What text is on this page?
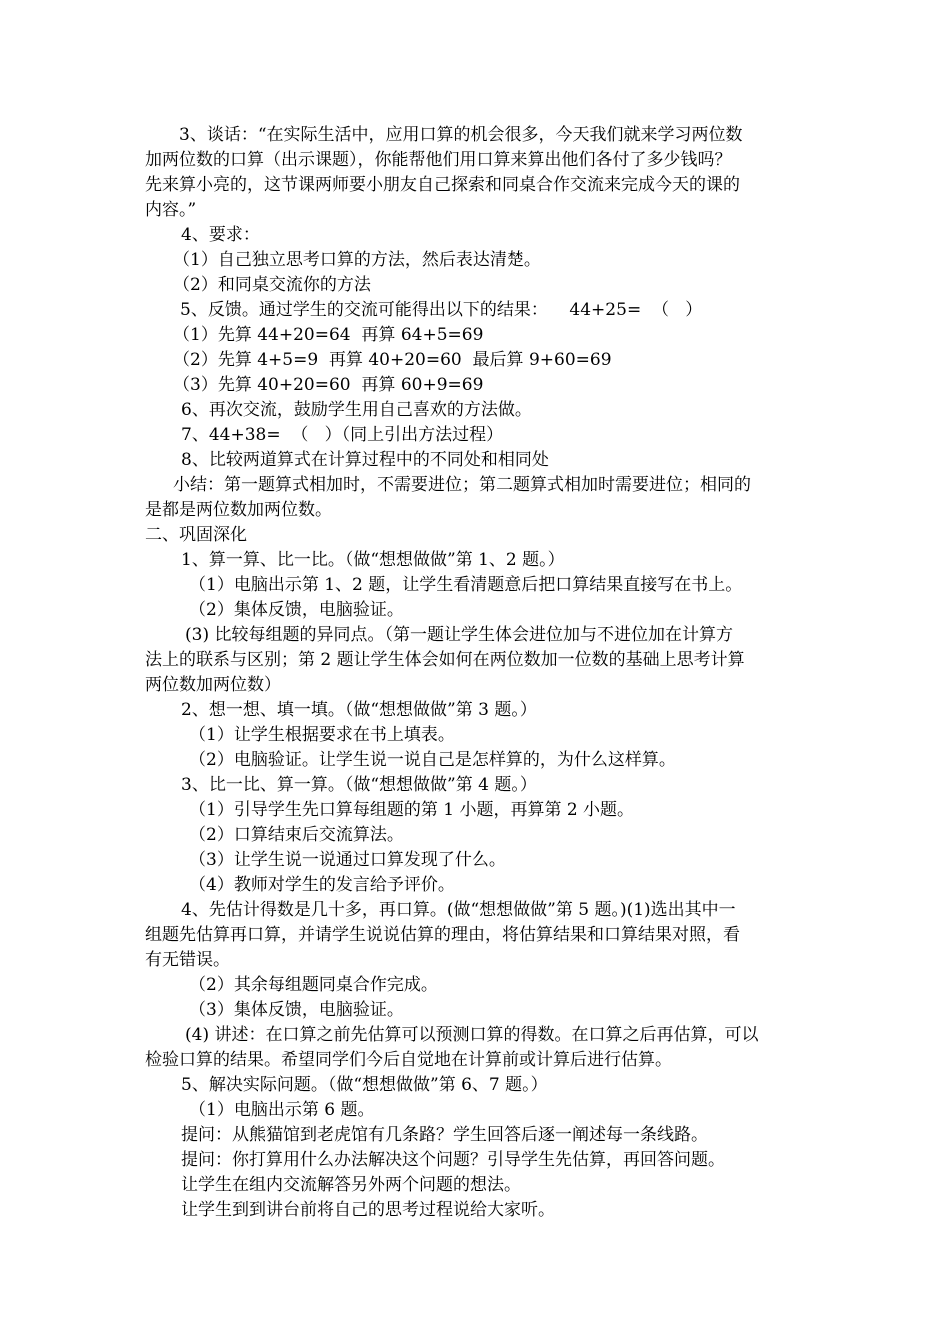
3、谈话：“在实际生活中，应用口算的机会很多，今天我们就来学习两位数
加两位数的口算（出示课题），你能帮他们用口算来算出他们各付了多少钱吗？
先来算小亮的，这节课两师要小朋友自己探索和同桌合作交流来完成今天的课的
内容。”
4、要求：
（1）自己独立思考口算的方法，然后表达清楚。
（2）和同桌交流你的方法
5、反馈。通过学生的交流可能得出以下的结果：    44+25=  （   ）
（1）先算 44+20=64  再算 64+5=69
（2）先算 4+5=9  再算 40+20=60  最后算 9+60=69
（3）先算 40+20=60  再算 60+9=69
6、再次交流，鼓励学生用自己喜欢的方法做。
7、44+38=  （   ）（同上引出方法过程）
8、比较两道算式在计算过程中的不同处和相同处
小结：第一题算式相加时，不需要进位；第二题算式相加时需要进位；相同的
是都是两位数加两位数。
二、巩固深化
1、算一算、比一比。（做“想想做做”第 1、2 题。）
（1）电脑出示第 1、2 题，让学生看清题意后把口算结果直接写在书上。
（2）集体反馈，电脑验证。
(3) 比较每组题的异同点。（第一题让学生体会进位加与不进位加在计算方
法上的联系与区别；第 2 题让学生体会如何在两位数加一位数的基础上思考计算
两位数加两位数）
2、想一想、填一填。（做“想想做做”第 3 题。）
（1）让学生根据要求在书上填表。
（2）电脑验证。让学生说一说自己是怎样算的，为什么这样算。
3、比一比、算一算。（做“想想做做”第 4 题。）
（1）引导学生先口算每组题的第 1 小题，再算第 2 小题。
（2）口算结束后交流算法。
（3）让学生说一说通过口算发现了什么。
（4）教师对学生的发言给予评价。
4、先估计得数是几十多，再口算。(做“想想做做”第 5 题。)(1)选出其中一
组题先估算再口算，并请学生说说估算的理由，将估算结果和口算结果对照，看
有无错误。
（2）其余每组题同桌合作完成。
（3）集体反馈，电脑验证。
(4) 讲述：在口算之前先估算可以预测口算的得数。在口算之后再估算，可以
检验口算的结果。希望同学们今后自觉地在计算前或计算后进行估算。
5、解决实际问题。（做“想想做做”第 6、7 题。）
（1）电脑出示第 6 题。
提问：从熊猫馆到老虎馆有几条路？学生回答后逐一阐述每一条线路。
提问：你打算用什么办法解决这个问题？引导学生先估算，再回答问题。
让学生在组内交流解答另外两个问题的想法。
让学生到到讲台前将自己的思考过程说给大家听。
